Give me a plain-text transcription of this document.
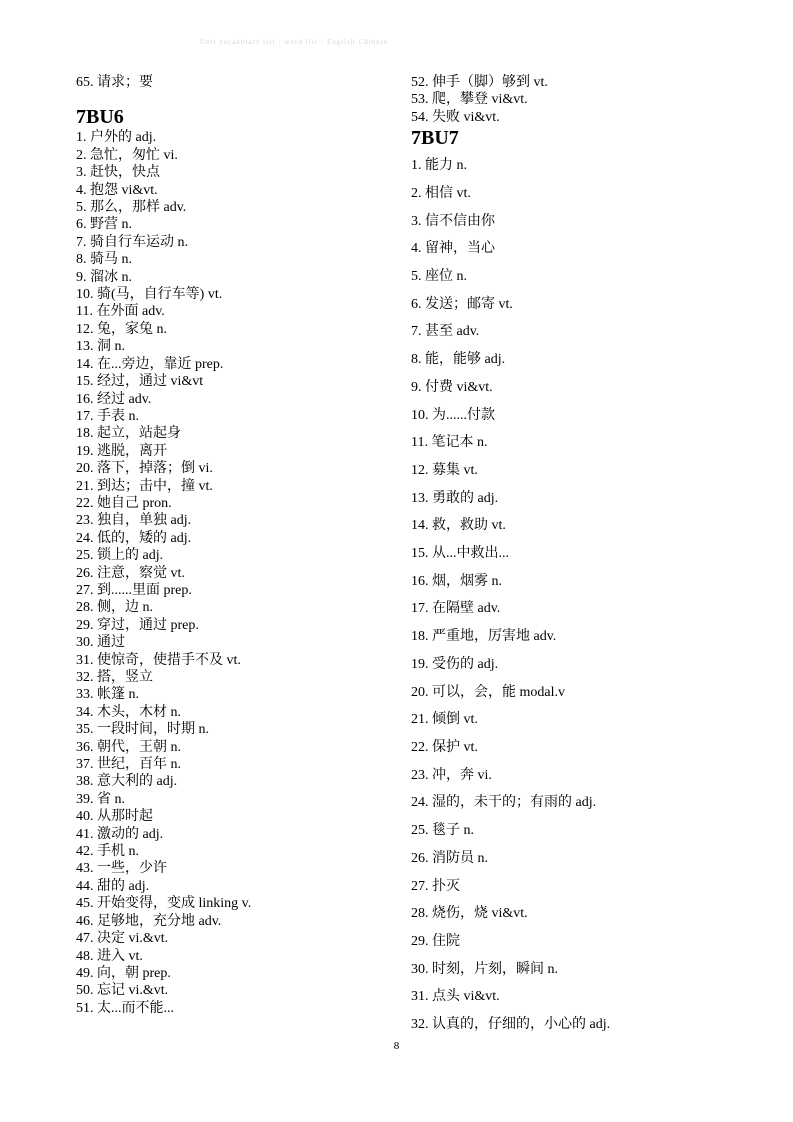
Unit vocabulary list · word list · English-Chinese
65. 请求；要
7BU6
1. 户外的 adj.
2. 急忙，匆忙 vi.
3. 赶快，快点
4. 抱怨 vi&vt.
5. 那么，那样 adv.
6. 野营 n.
7. 骑自行车运动 n.
8. 骑马 n.
9. 溜冰 n.
10. 骑(马，自行车等) vt.
11. 在外面 adv.
12. 兔，家兔 n.
13. 洞 n.
14. 在...旁边，靠近 prep.
15. 经过，通过 vi&vt
16. 经过 adv.
17. 手表 n.
18. 起立，站起身
19. 逃脱，离开
20. 落下，掉落；倒 vi.
21. 到达；击中，撞 vt.
22. 她自己 pron.
23. 独自，单独 adj.
24. 低的，矮的 adj.
25. 锁上的 adj.
26. 注意，察觉 vt.
27. 到......里面 prep.
28. 侧，边 n.
29. 穿过，通过 prep.
30. 通过
31. 使惊奇，使措手不及 vt.
32. 搭，竖立
33. 帐篷 n.
34. 木头，木材 n.
35. 一段时间，时期 n.
36. 朝代，王朝 n.
37. 世纪，百年 n.
38. 意大利的 adj.
39. 省 n.
40. 从那时起
41. 激动的 adj.
42. 手机 n.
43. 一些，少许
44. 甜的 adj.
45. 开始变得，变成 linking v.
46. 足够地，充分地 adv.
47. 决定 vi.&vt.
48. 进入 vt.
49. 向，朝 prep.
50. 忘记 vi.&vt.
51. 太...而不能...
52. 伸手（脚）够到 vt.
53. 爬，攀登 vi&vt.
54. 失败 vi&vt.
7BU7
1. 能力 n.
2. 相信 vt.
3. 信不信由你
4. 留神，当心
5. 座位 n.
6. 发送；邮寄 vt.
7. 甚至 adv.
8. 能，能够 adj.
9. 付费 vi&vt.
10. 为......付款
11. 笔记本 n.
12. 募集 vt.
13. 勇敢的 adj.
14. 救，救助 vt.
15. 从...中救出...
16. 烟，烟雾 n.
17. 在隔壁 adv.
18. 严重地，厉害地 adv.
19. 受伤的 adj.
20. 可以，会，能 modal.v
21. 倾倒 vt.
22. 保护 vt.
23. 冲，奔 vi.
24. 湿的，未干的；有雨的 adj.
25. 毯子 n.
26. 消防员 n.
27. 扑灭
28. 烧伤，烧 vi&vt.
29. 住院
30. 时刻，片刻，瞬间 n.
31. 点头 vi&vt.
32. 认真的，仔细的，小心的 adj.
8
